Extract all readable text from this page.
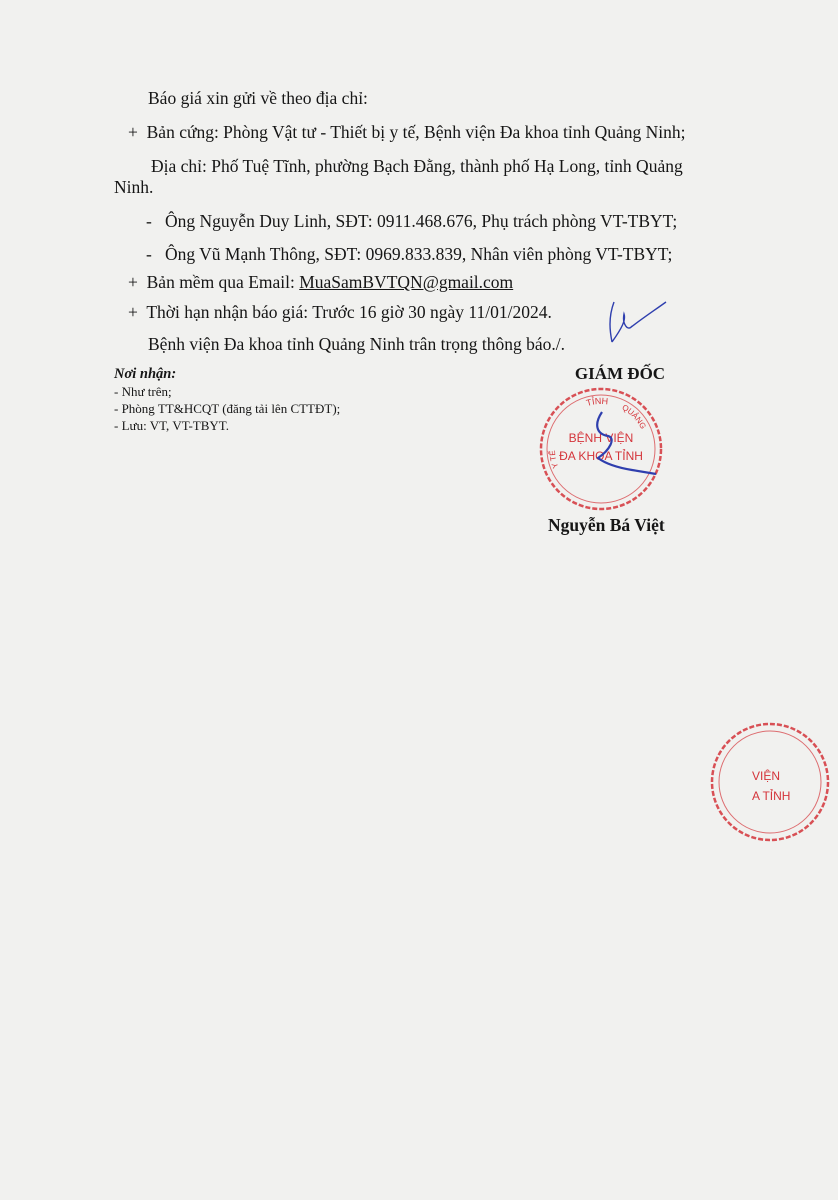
Báo giá xin gửi về theo địa chỉ:
+ Bản cứng: Phòng Vật tư - Thiết bị y tế, Bệnh viện Đa khoa tỉnh Quảng Ninh;
Địa chỉ: Phố Tuệ Tĩnh, phường Bạch Đằng, thành phố Hạ Long, tỉnh Quảng
Ninh.
- Ông Nguyễn Duy Linh, SĐT: 0911.468.676, Phụ trách phòng VT-TBYT;
- Ông Vũ Mạnh Thông, SĐT: 0969.833.839, Nhân viên phòng VT-TBYT;
+ Bản mềm qua Email: MuaSamBVTQN@gmail.com
+ Thời hạn nhận báo giá: Trước 16 giờ 30 ngày 11/01/2024.
Bệnh viện Đa khoa tỉnh Quảng Ninh trân trọng thông báo./.
Nơi nhận:
- Như trên;
- Phòng TT&HCQT (đăng tải lên CTTĐT);
- Lưu: VT, VT-TBYT.
GIÁM ĐỐC
TỈNH
QUẢNG
Y TẾ
BỆNH VIỆN
ĐA KHOA TỈNH
Nguyễn Bá Việt
VIỆN
A TỈNH
